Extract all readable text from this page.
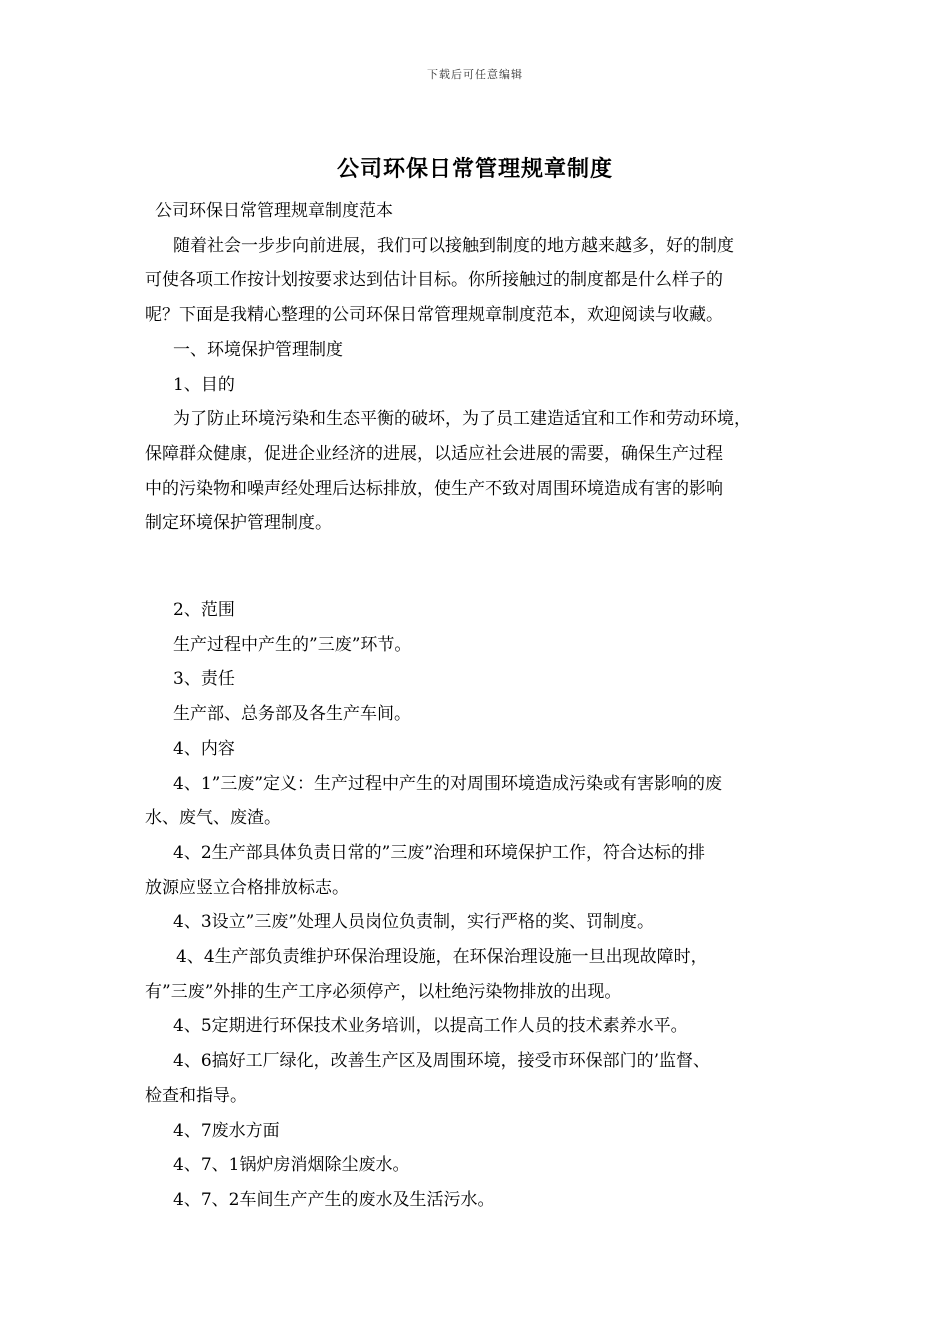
下载后可任意编辑
公司环保日常管理规章制度

公司环保日常管理规章制度范本

随着社会一步步向前进展，我们可以接触到制度的地方越来越多，好的制度

可使各项工作按计划按要求达到估计目标。你所接触过的制度都是什么样子的

呢？下面是我精心整理的公司环保日常管理规章制度范本，欢迎阅读与收藏。

一、环境保护管理制度

1、目的

为了防止环境污染和生态平衡的破坏，为了员工建造适宜和工作和劳动环境，

保障群众健康，促进企业经济的进展，以适应社会进展的需要，确保生产过程

中的污染物和噪声经处理后达标排放，使生产不致对周围环境造成有害的影响

制定环境保护管理制度。

2、范围

生产过程中产生的”三废”环节。

3、责任

生产部、总务部及各生产车间。

4、内容

4、1”三废”定义：生产过程中产生的对周围环境造成污染或有害影响的废

水、废气、废渣。

4、2生产部具体负责日常的”三废”治理和环境保护工作，符合达标的排

放源应竖立合格排放标志。

4、3设立”三废”处理人员岗位负责制，实行严格的奖、罚制度。

4、4生产部负责维护环保治理设施，在环保治理设施一旦出现故障时，

有”三废”外排的生产工序必须停产，以杜绝污染物排放的出现。

4、5定期进行环保技术业务培训，以提高工作人员的技术素养水平。

4、6搞好工厂绿化，改善生产区及周围环境，接受市环保部门的’监督、

检查和指导。

4、7废水方面

4、7、1锅炉房消烟除尘废水。

4、7、2车间生产产生的废水及生活污水。
